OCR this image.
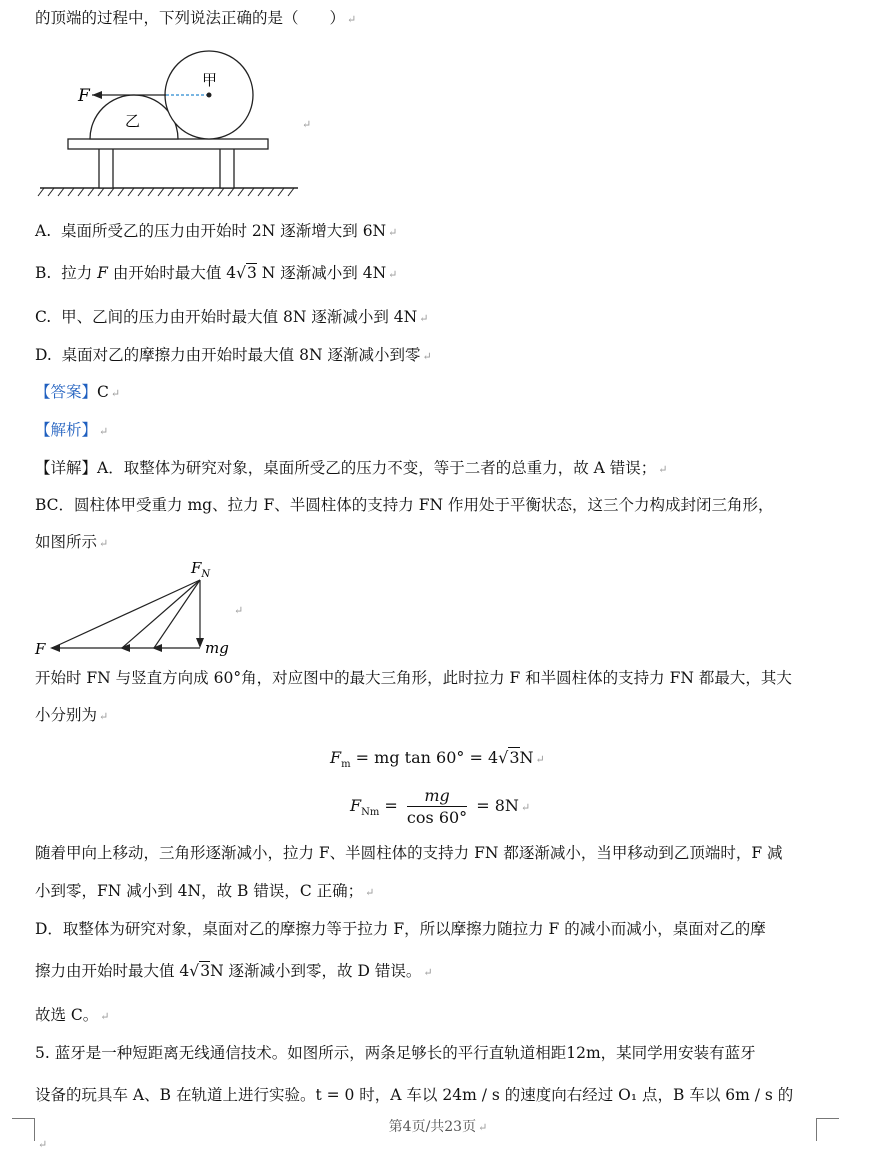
的顶端的过程中，下列说法正确的是（　　） ↵
F
甲
乙	↵
A. 桌面所受乙的压力由开始时 2N 逐渐增大到 6N ↵
B. 拉力 F 由开始时最大值 4√3 N 逐渐减小到 4N ↵
C. 甲、乙间的压力由开始时最大值 8N 逐渐减小到 4N ↵
D. 桌面对乙的摩擦力由开始时最大值 8N 逐渐减小到零 ↵
【答案】C ↵
【解析】 ↵
【详解】A．取整体为研究对象，桌面所受乙的压力不变，等于二者的总重力，故 A 错误； ↵
BC．圆柱体甲受重力 mg、拉力 F、半圆柱体的支持力 FN 作用处于平衡状态，这三个力构成封闭三角形，
如图所示 ↵
$F_N$
F	mg
↵
开始时 FN 与竖直方向成 60°角，对应图中的最大三角形，此时拉力 F 和半圆柱体的支持力 FN 都最大，其大
小分别为 ↵
$F_m$ = mg tan 60° = 4√3N ↵
$F_{Nm} = \frac{mg}{\cos 60^\circ} = 8N$ ↵
随着甲向上移动，三角形逐渐减小，拉力 F、半圆柱体的支持力 FN 都逐渐减小，当甲移动到乙顶端时，F 减
小到零，FN 减小到 4N，故 B 错误，C 正确； ↵
D．取整体为研究对象，桌面对乙的摩擦力等于拉力 F，所以摩擦力随拉力 F 的减小而减小，桌面对乙的摩
擦力由开始时最大值 4√3N 逐渐减小到零，故 D 错误。 ↵
故选 C。 ↵
5. 蓝牙是一种短距离无线通信技术。如图所示，两条足够长的平行直轨道相距12m，某同学用安装有蓝牙
设备的玩具车 A、B 在轨道上进行实验。t = 0 时，A 车以 24m / s 的速度向右经过 O₁ 点，B 车以 6m / s 的
↵
第4页/共23页 ↵
